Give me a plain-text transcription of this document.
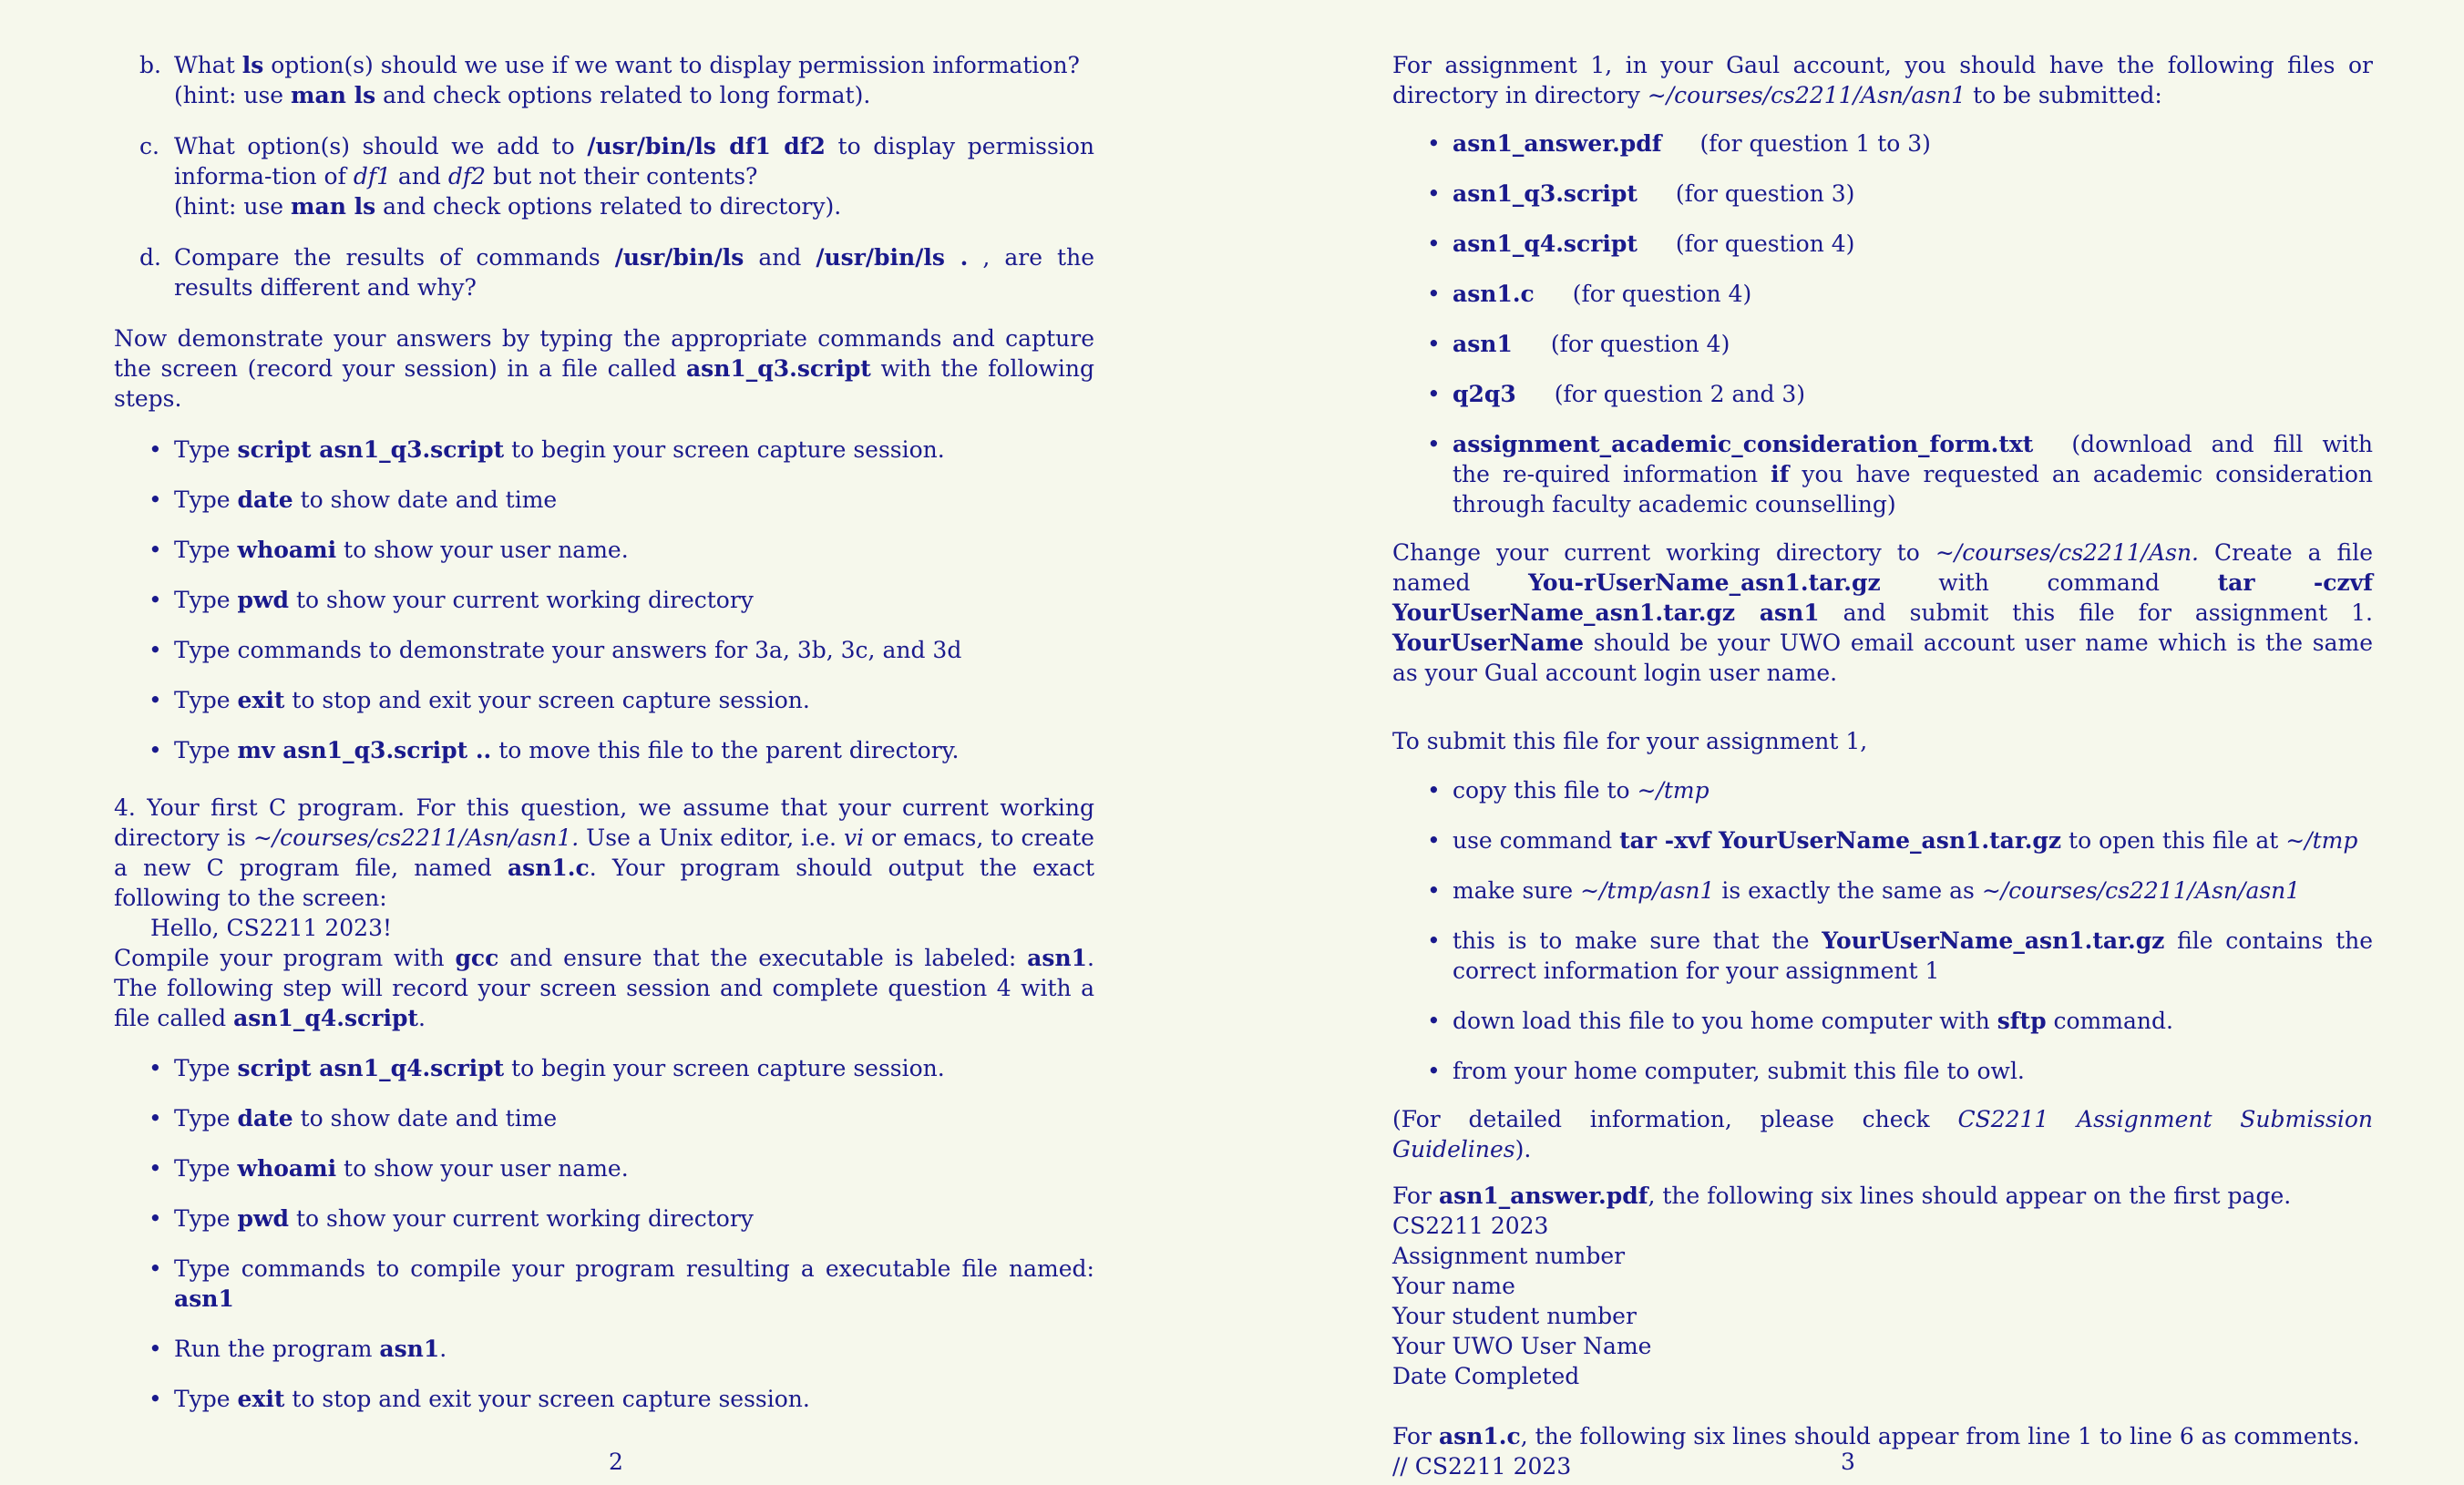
b. What ls option(s) should we use if we want to display permission information?
(hint: use man ls and check options related to long format).
c. What option(s) should we add to /usr/bin/ls df1 df2 to display permission informa-tion of df1 and df2 but not their contents?
(hint: use man ls and check options related to directory).
d. Compare the results of commands /usr/bin/ls and /usr/bin/ls . , are the results different and why?

Now demonstrate your answers by typing the appropriate commands and capture the screen (record your session) in a file called asn1_q3.script with the following steps.

• Type script asn1_q3.script to begin your screen capture session.
• Type date to show date and time
• Type whoami to show your user name.
• Type pwd to show your current working directory
• Type commands to demonstrate your answers for 3a, 3b, 3c, and 3d
• Type exit to stop and exit your screen capture session.
• Type mv asn1_q3.script .. to move this file to the parent directory.

4. Your first C program. For this question, we assume that your current working directory is ∼/courses/cs2211/Asn/asn1. Use a Unix editor, i.e. vi or emacs, to create a new C program file, named asn1.c. Your program should output the exact following to the screen:
Hello, CS2211 2023!
Compile your program with gcc and ensure that the executable is labeled: asn1. The following step will record your screen session and complete question 4 with a file called asn1_q4.script.

• Type script asn1_q4.script to begin your screen capture session.
• Type date to show date and time
• Type whoami to show your user name.
• Type pwd to show your current working directory
• Type commands to compile your program resulting a executable file named: asn1
• Run the program asn1.
• Type exit to stop and exit your screen capture session.
2

For assignment 1, in your Gaul account, you should have the following files or directory in directory ∼/courses/cs2211/Asn/asn1 to be submitted:

• asn1_answer.pdf (for question 1 to 3)
• asn1_q3.script (for question 3)
• asn1_q4.script (for question 4)
• asn1.c (for question 4)
• asn1 (for question 4)
• q2q3 (for question 2 and 3)
• assignment_academic_consideration_form.txt (download and fill with the re-quired information if you have requested an academic consideration through faculty academic counselling)

Change your current working directory to ∼/courses/cs2211/Asn. Create a file named You-rUserName_asn1.tar.gz with command tar -czvf YourUserName_asn1.tar.gz asn1 and submit this file for assignment 1. YourUserName should be your UWO email account user name which is the same as your Gual account login user name.

To submit this file for your assignment 1,

• copy this file to ∼/tmp
• use command tar -xvf YourUserName_asn1.tar.gz to open this file at ∼/tmp
• make sure ∼/tmp/asn1 is exactly the same as ∼/courses/cs2211/Asn/asn1
• this is to make sure that the YourUserName_asn1.tar.gz file contains the correct information for your assignment 1
• down load this file to you home computer with sftp command.
• from your home computer, submit this file to owl.

(For detailed information, please check CS2211 Assignment Submission Guidelines).

For asn1_answer.pdf, the following six lines should appear on the first page.

CS2211 2023

Assignment number

Your name

Your student number

Your UWO User Name

Date Completed

For asn1.c, the following six lines should appear from line 1 to line 6 as comments.

// CS2211 2023	3
